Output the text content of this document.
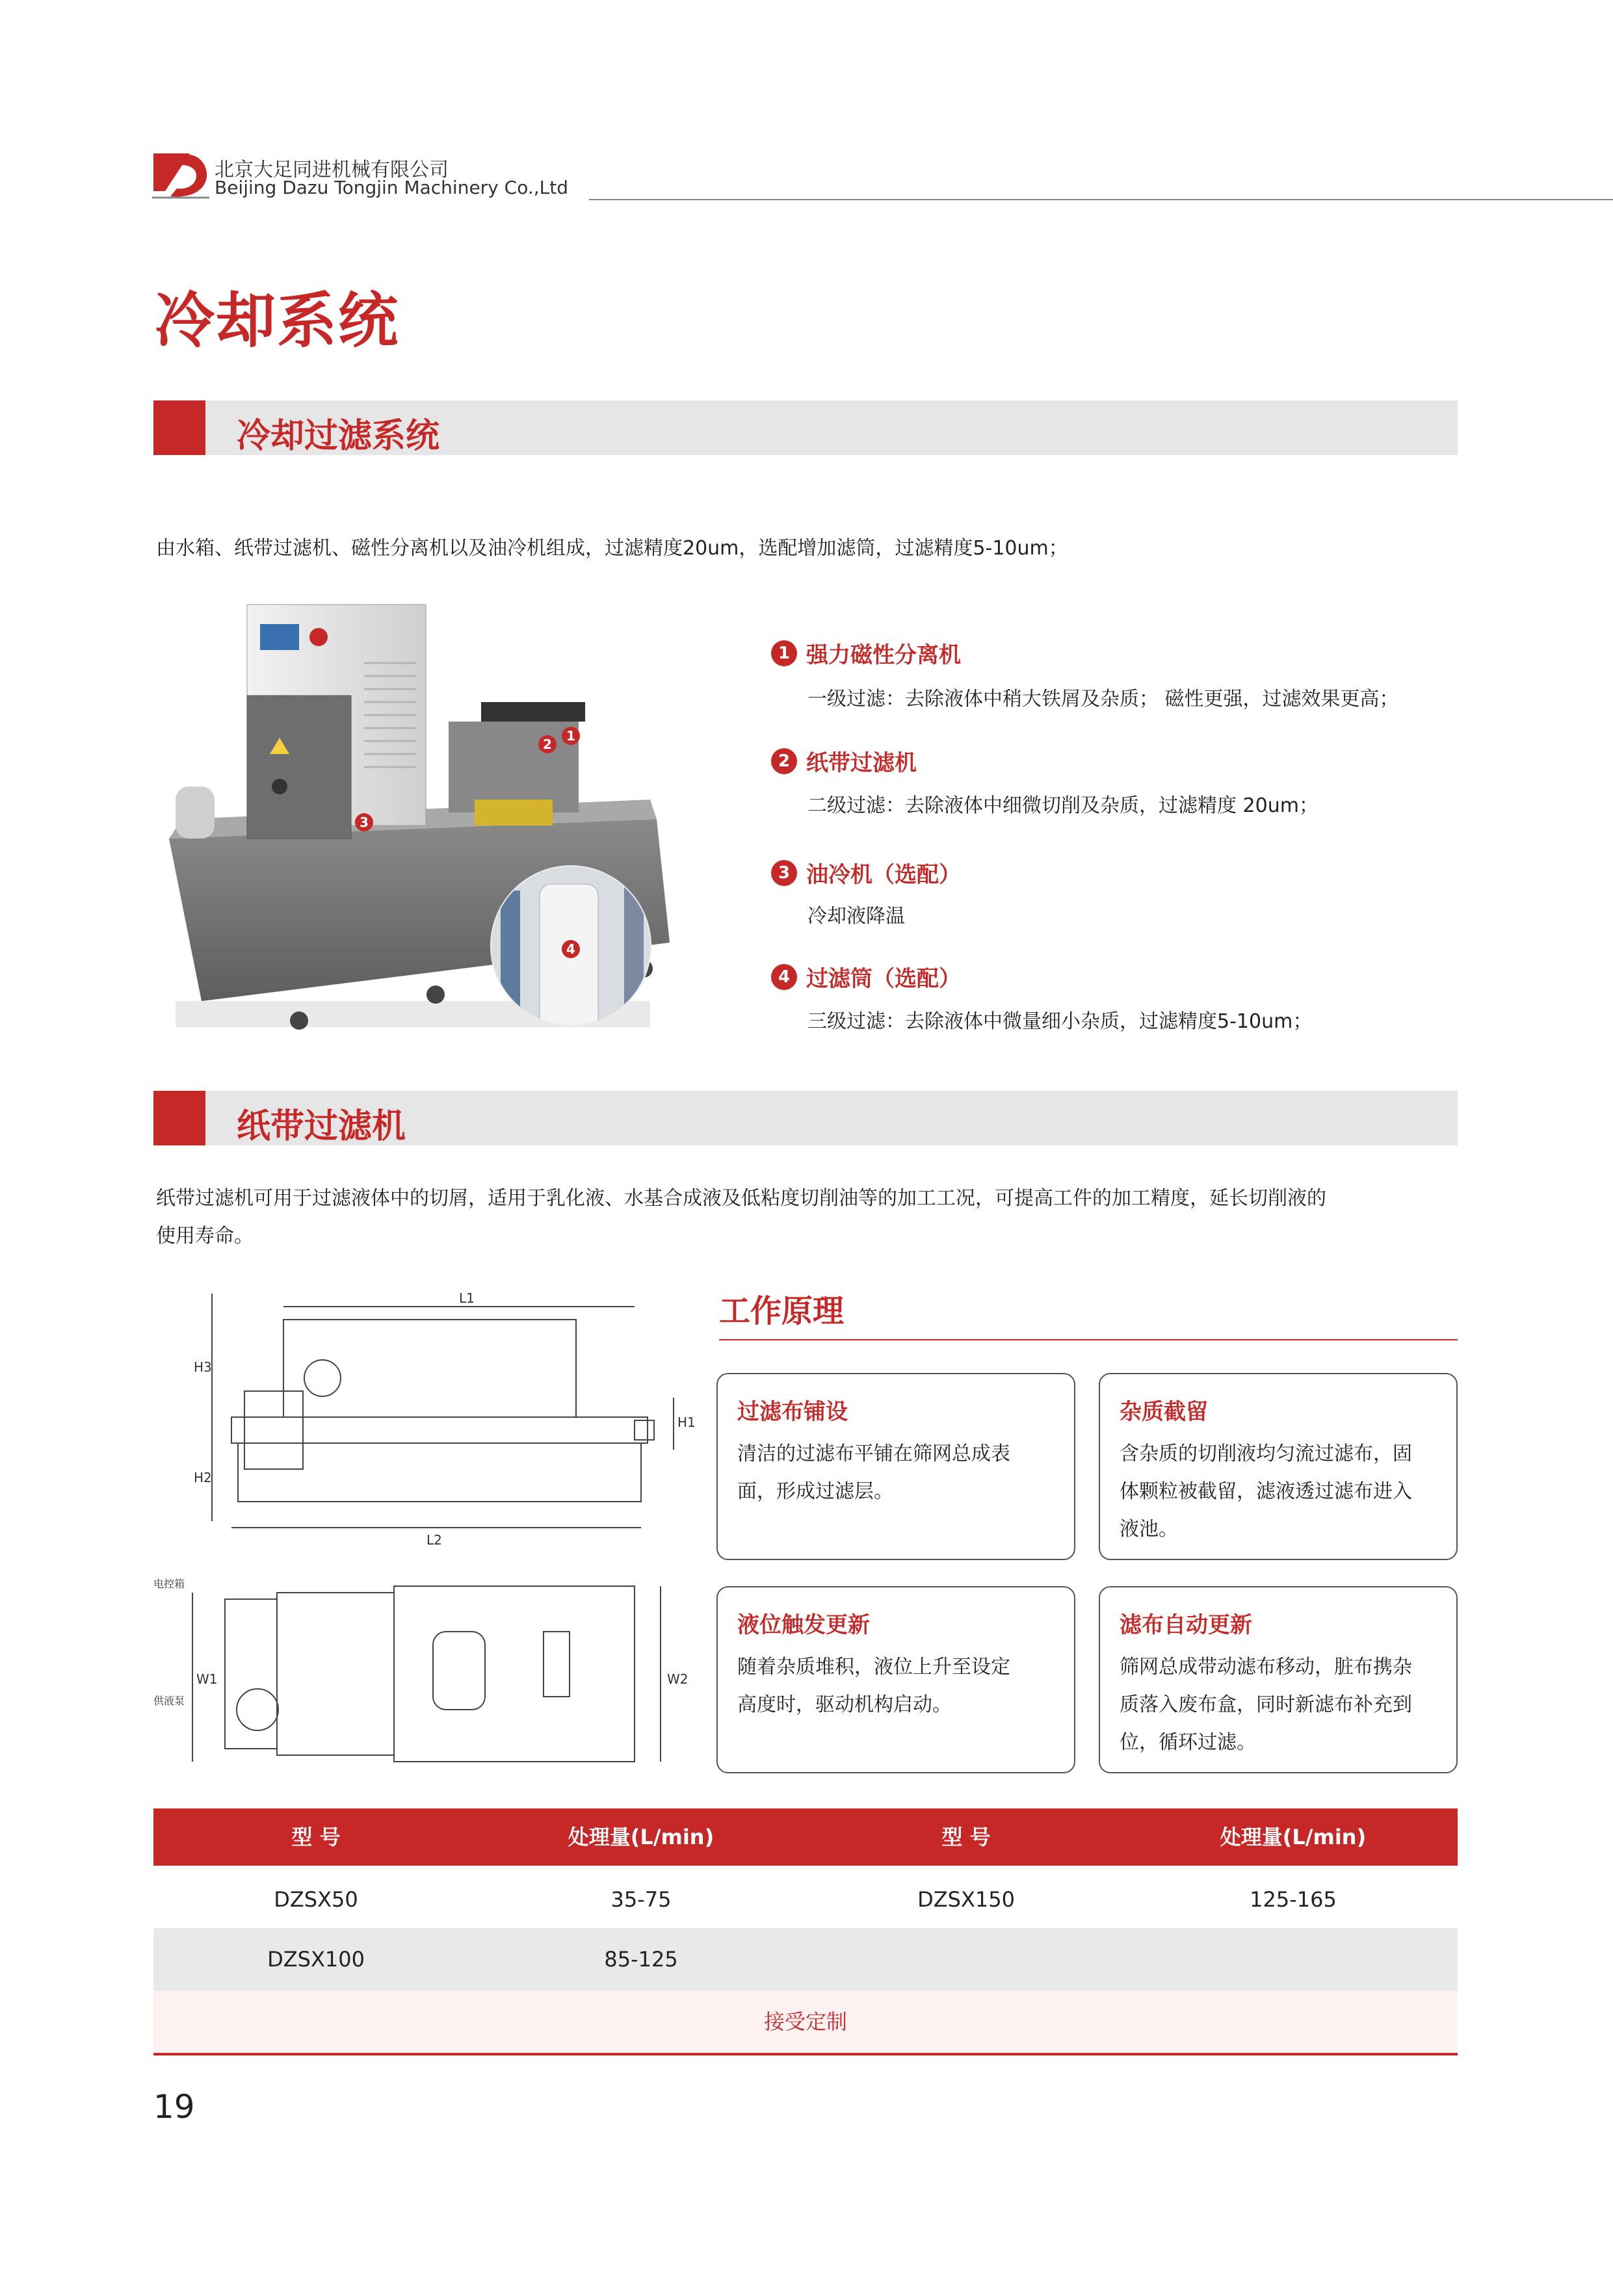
北京大足同进机械有限公司
Beijing Dazu Tongjin Machinery Co.,Ltd
冷却系统
冷却过滤系统
由水箱、纸带过滤机、磁性分离机以及油冷机组成，过滤精度20um，选配增加滤筒，过滤精度5-10um；
2
1
3
4
1 强力磁性分离机
一级过滤：去除液体中稍大铁屑及杂质； 磁性更强，过滤效果更高；
2 纸带过滤机
二级过滤：去除液体中细微切削及杂质，过滤精度 20um；
3 油冷机（选配）
冷却液降温
4 过滤筒（选配）
三级过滤：去除液体中微量细小杂质，过滤精度5-10um；
纸带过滤机
纸带过滤机可用于过滤液体中的切屑，适用于乳化液、水基合成液及低粘度切削油等的加工工况，可提高工件的加工精度，延长切削液的
使用寿命。
L1
L2
H3
H2
H1
W1	W2
电控箱
供液泵
工作原理
过滤布铺设
清洁的过滤布平铺在筛网总成表
面，形成过滤层。
杂质截留
含杂质的切削液均匀流过滤布，固
体颗粒被截留，滤液透过滤布进入
液池。
液位触发更新
随着杂质堆积，液位上升至设定
高度时，驱动机构启动。
滤布自动更新
筛网总成带动滤布移动，脏布携杂
质落入废布盒，同时新滤布补充到
位，循环过滤。
型 号	处理量(L/min)	型 号	处理量(L/min)
DZSX50	35-75	DZSX150	125-165
DZSX100	85-125
接受定制
19
